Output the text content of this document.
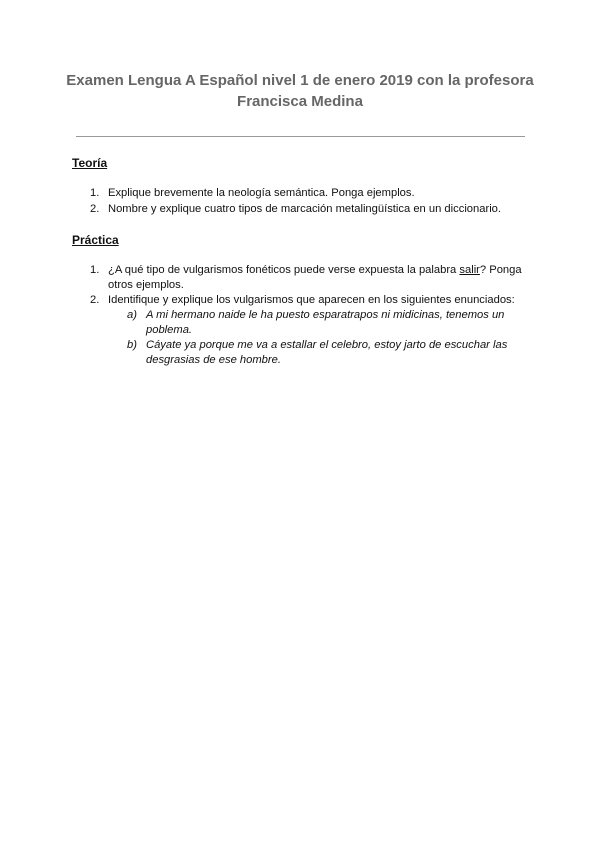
Examen Lengua A Español nivel 1 de enero 2019 con la profesora Francisca Medina
Teoría
1. Explique brevemente la neología semántica. Ponga ejemplos.
2. Nombre y explique cuatro tipos de marcación metalingüística en un diccionario.
Práctica
1. ¿A qué tipo de vulgarismos fonéticos puede verse expuesta la palabra salir? Ponga otros ejemplos.
2. Identifique y explique los vulgarismos que aparecen en los siguientes enunciados:
a) A mi hermano naide le ha puesto esparatrapos ni midicinas, tenemos un poblema.
b) Cáyate ya porque me va a estallar el celebro, estoy jarto de escuchar las desgrasias de ese hombre.
